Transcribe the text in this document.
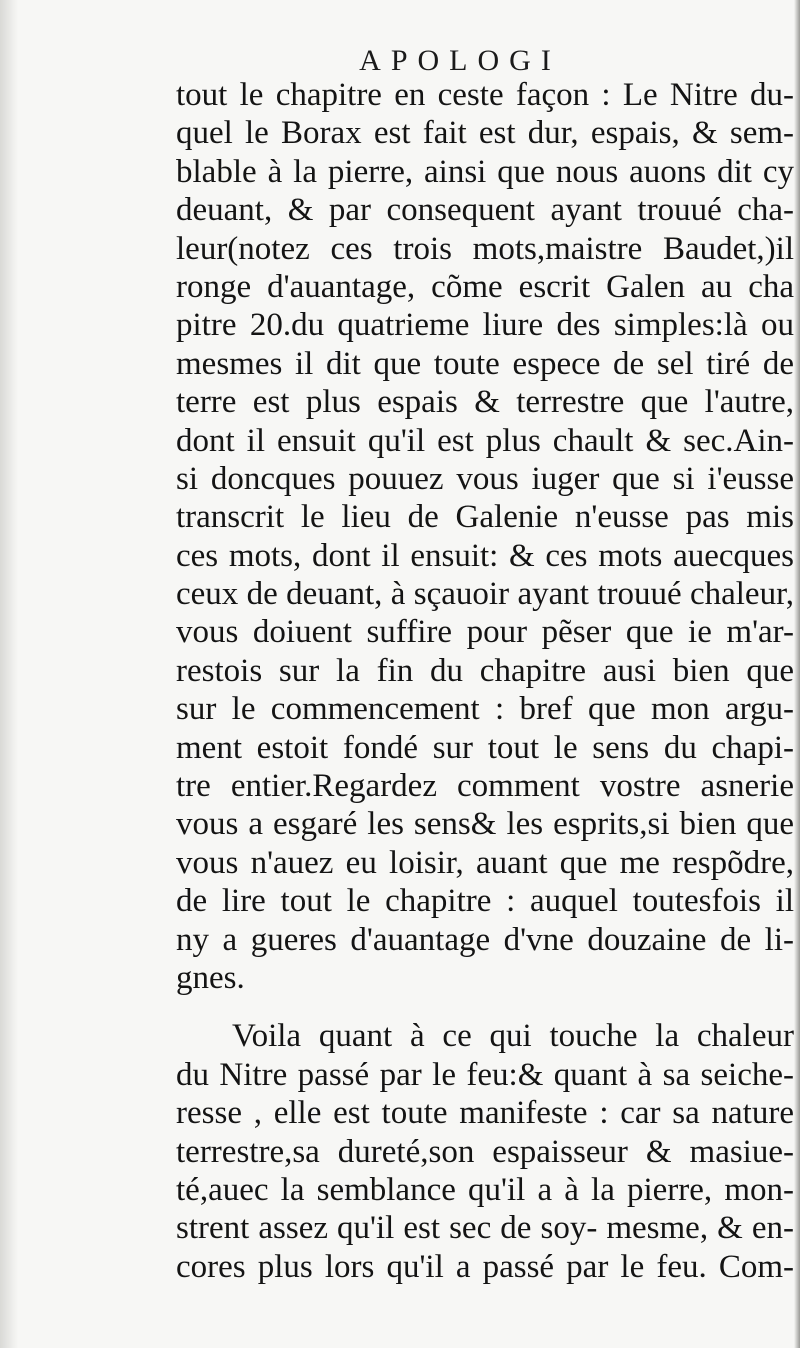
APOLOGI
tout le chapitre en ceste façon : Le Nitre du-
quel le Borax est fait est dur, espais, & sem-
blable à la pierre, ainsi que nous auons dit cy
deuant, & par consequent ayant trouué cha-
leur(notez ces trois mots,maistre Baudet,)il
ronge d'auantage, cõme escrit Galen au cha
pitre 20.du quatrieme liure des simples:là ou
mesmes il dit que toute espece de sel tiré de
terre est plus espais & terrestre que l'autre,
dont il ensuit qu'il est plus chault & sec.Ain-
si doncques pouuez vous iuger que si i'eusse
transcrit le lieu de Galenie n'eusse pas mis
ces mots, dont il ensuit: & ces mots auecques
ceux de deuant, à sçauoir ayant trouué chaleur,
vous doiuent suffire pour pẽser que ie m'ar-
restois sur la fin du chapitre ausi bien que
sur le commencement : bref que mon argu-
ment estoit fondé sur tout le sens du chapi-
tre entier.Regardez comment vostre asnerie
vous a esgaré les sens& les esprits,si bien que
vous n'auez eu loisir, auant que me respõdre,
de lire tout le chapitre : auquel toutesfois il
ny a gueres d'auantage d'vne douzaine de li-
gnes.
Voila quant à ce qui touche la chaleur
du Nitre passé par le feu:& quant à sa seiche-
resse , elle est toute manifeste : car sa nature
terrestre,sa dureté,son espaisseur & masiue-
té,auec la semblance qu'il a à la pierre, mon-
strent assez qu'il est sec de soy- mesme, & en-
cores plus lors qu'il a passé par le feu. Com-
